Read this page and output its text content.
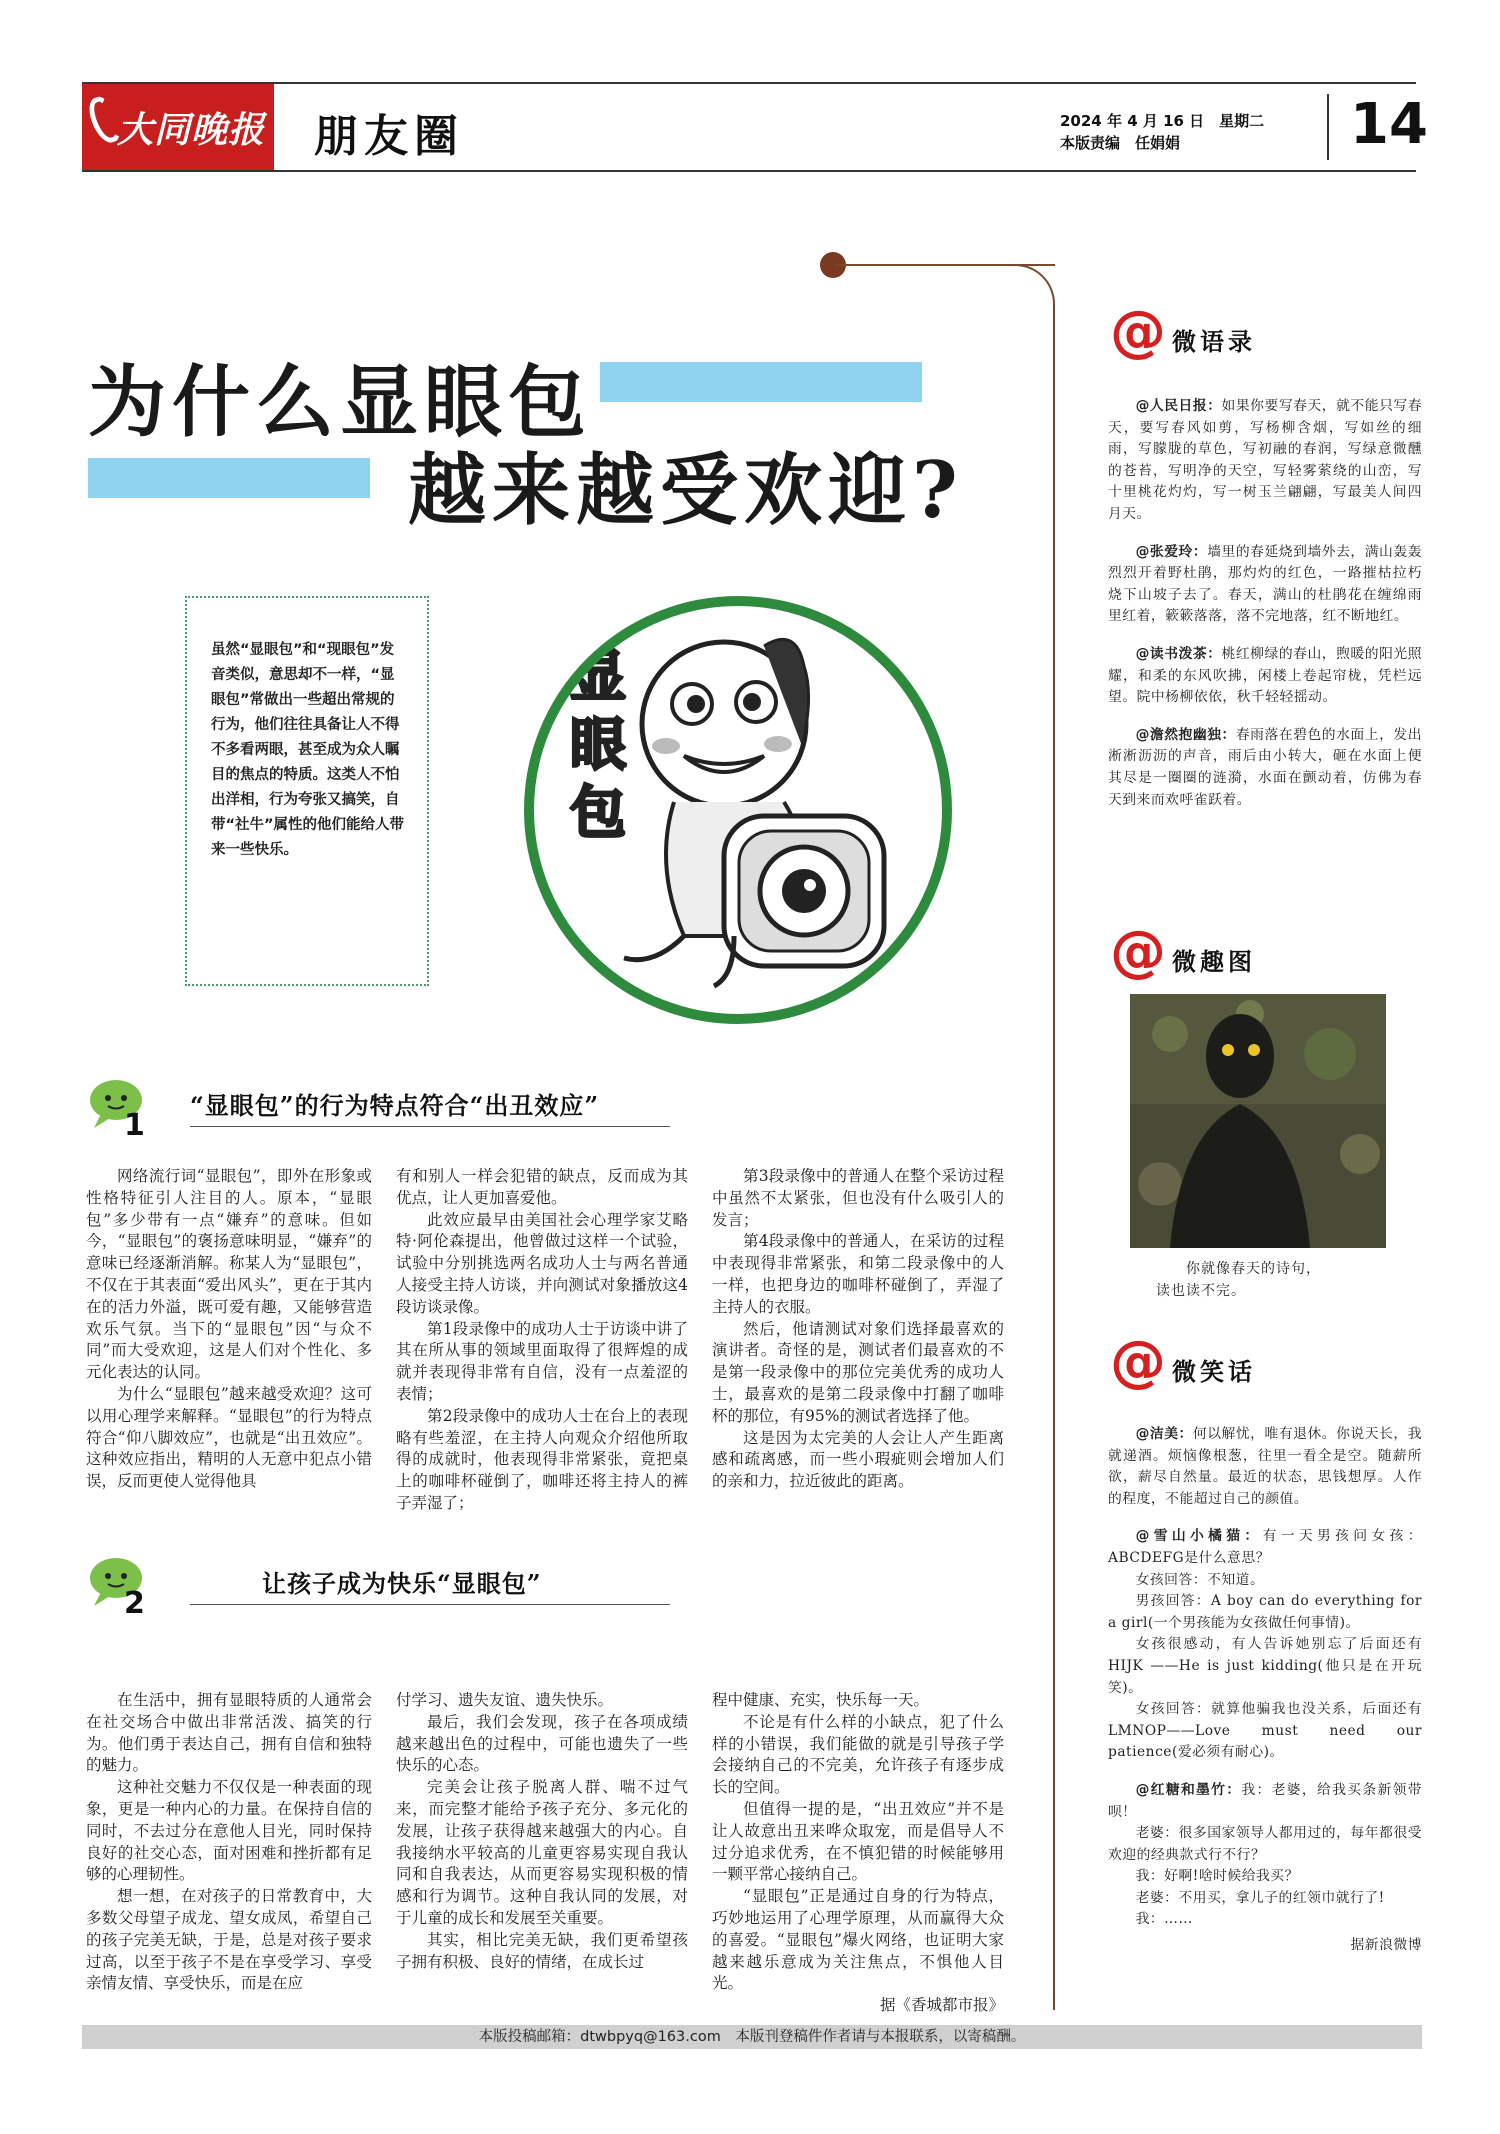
大同晚报 朋友圈	2024 年 4 月 16 日　星期二
本版责编　任娟娟	14
为什么显眼包
越来越受欢迎?
虽然“显眼包”和“现眼包”发音类似，意思却不一样，“显眼包”常做出一些超出常规的行为，他们往往具备让人不得不多看两眼，甚至成为众人瞩目的焦点的特质。这类人不怕出洋相，行为夸张又搞笑，自带“社牛”属性的他们能给人带来一些快乐。
显
眼
包
1
“显眼包”的行为特点符合“出丑效应”

网络流行词“显眼包”，即外在形象或性格特征引人注目的人。原本，“显眼包”多少带有一点“嫌弃”的意味。但如今，“显眼包”的褒扬意味明显，“嫌弃”的意味已经逐渐消解。称某人为“显眼包”，不仅在于其表面“爱出风头”，更在于其内在的活力外溢，既可爱有趣，又能够营造欢乐气氛。当下的“显眼包”因“与众不同”而大受欢迎，这是人们对个性化、多元化表达的认同。

为什么“显眼包”越来越受欢迎？这可以用心理学来解释。“显眼包”的行为特点符合“仰八脚效应”，也就是“出丑效应”。这种效应指出，精明的人无意中犯点小错误，反而更使人觉得他具

有和别人一样会犯错的缺点，反而成为其优点，让人更加喜爱他。

此效应最早由美国社会心理学家艾略特·阿伦森提出，他曾做过这样一个试验，试验中分别挑选两名成功人士与两名普通人接受主持人访谈，并向测试对象播放这4段访谈录像。

第1段录像中的成功人士于访谈中讲了其在所从事的领域里面取得了很辉煌的成就并表现得非常有自信，没有一点羞涩的表情；

第2段录像中的成功人士在台上的表现略有些羞涩，在主持人向观众介绍他所取得的成就时，他表现得非常紧张，竟把桌上的咖啡杯碰倒了，咖啡还将主持人的裤子弄湿了；

第3段录像中的普通人在整个采访过程中虽然不太紧张，但也没有什么吸引人的发言；

第4段录像中的普通人，在采访的过程中表现得非常紧张，和第二段录像中的人一样，也把身边的咖啡杯碰倒了，弄湿了主持人的衣服。

然后，他请测试对象们选择最喜欢的演讲者。奇怪的是，测试者们最喜欢的不是第一段录像中的那位完美优秀的成功人士，最喜欢的是第二段录像中打翻了咖啡杯的那位，有95%的测试者选择了他。

这是因为太完美的人会让人产生距离感和疏离感，而一些小瑕疵则会增加人们的亲和力，拉近彼此的距离。

2
让孩子成为快乐“显眼包”

在生活中，拥有显眼特质的人通常会在社交场合中做出非常活泼、搞笑的行为。他们勇于表达自己，拥有自信和独特的魅力。

这种社交魅力不仅仅是一种表面的现象，更是一种内心的力量。在保持自信的同时，不去过分在意他人目光，同时保持良好的社交心态，面对困难和挫折都有足够的心理韧性。

想一想，在对孩子的日常教育中，大多数父母望子成龙、望女成凤，希望自己的孩子完美无缺，于是，总是对孩子要求过高，以至于孩子不是在享受学习、享受亲情友情、享受快乐，而是在应

付学习、遗失友谊、遗失快乐。

最后，我们会发现，孩子在各项成绩越来越出色的过程中，可能也遗失了一些快乐的心态。

完美会让孩子脱离人群、喘不过气来，而完整才能给予孩子充分、多元化的发展，让孩子获得越来越强大的内心。自我接纳水平较高的儿童更容易实现自我认同和自我表达，从而更容易实现积极的情感和行为调节。这种自我认同的发展，对于儿童的成长和发展至关重要。

其实，相比完美无缺，我们更希望孩子拥有积极、良好的情绪，在成长过

程中健康、充实，快乐每一天。

不论是有什么样的小缺点，犯了什么样的小错误，我们能做的就是引导孩子学会接纳自己的不完美，允许孩子有逐步成长的空间。

但值得一提的是，“出丑效应”并不是让人故意出丑来哗众取宠，而是倡导人不过分追求优秀，在不慎犯错的时候能够用一颗平常心接纳自己。

“显眼包”正是通过自身的行为特点，巧妙地运用了心理学原理，从而赢得大众的喜爱。“显眼包”爆火网络，也证明大家越来越乐意成为关注焦点，不惧他人目光。

据《香城都市报》
@ 微语录

@人民日报：如果你要写春天，就不能只写春天，要写春风如剪，写杨柳含烟，写如丝的细雨，写朦胧的草色，写初融的春润，写绿意微醺的苍苔，写明净的天空，写轻雾萦绕的山峦，写十里桃花灼灼，写一树玉兰翩翩，写最美人间四月天。

@张爱玲：墙里的春延烧到墙外去，满山轰轰烈烈开着野杜鹃，那灼灼的红色，一路摧枯拉朽烧下山坡子去了。春天，满山的杜鹃花在缠绵雨里红着，簌簌落落，落不完地落，红不断地红。

@读书泼茶：桃红柳绿的春山，煦暖的阳光照耀，和柔的东风吹拂，闲楼上卷起帘栊，凭栏远望。院中杨柳依依，秋千轻轻摇动。

@澹然抱幽独：春雨落在碧色的水面上，发出淅淅沥沥的声音，雨后由小转大，砸在水面上便其尽是一圈圈的涟漪，水面在颤动着，仿佛为春天到来而欢呼雀跃着。

@ 微趣图
你就像春天的诗句，
读也读不完。
@ 微笑话

@洁美：何以解忧，唯有退休。你说天长，我就递酒。烦恼像根葱，往里一看全是空。随薪所欲，薪尽自然量。最近的状态，思钱想厚。人作的程度，不能超过自己的颜值。

@雪山小橘猫：有一天男孩问女孩：ABCDEFG是什么意思？

女孩回答：不知道。

男孩回答：A boy can do everything for a girl(一个男孩能为女孩做任何事情)。

女孩很感动，有人告诉她别忘了后面还有 HIJK ——He is just kidding(他只是在开玩笑)。

女孩回答：就算他骗我也没关系，后面还有 LMNOP——Love must need our patience(爱必须有耐心)。

@红糖和墨竹：我：老婆，给我买条新领带呗！

老婆：很多国家领导人都用过的，每年都很受欢迎的经典款式行不行？

我：好啊!啥时候给我买？

老婆：不用买，拿儿子的红领巾就行了!

我：……

据新浪微博
本版投稿邮箱：dtwbpyq@163.com　本版刊登稿件作者请与本报联系，以寄稿酬。
